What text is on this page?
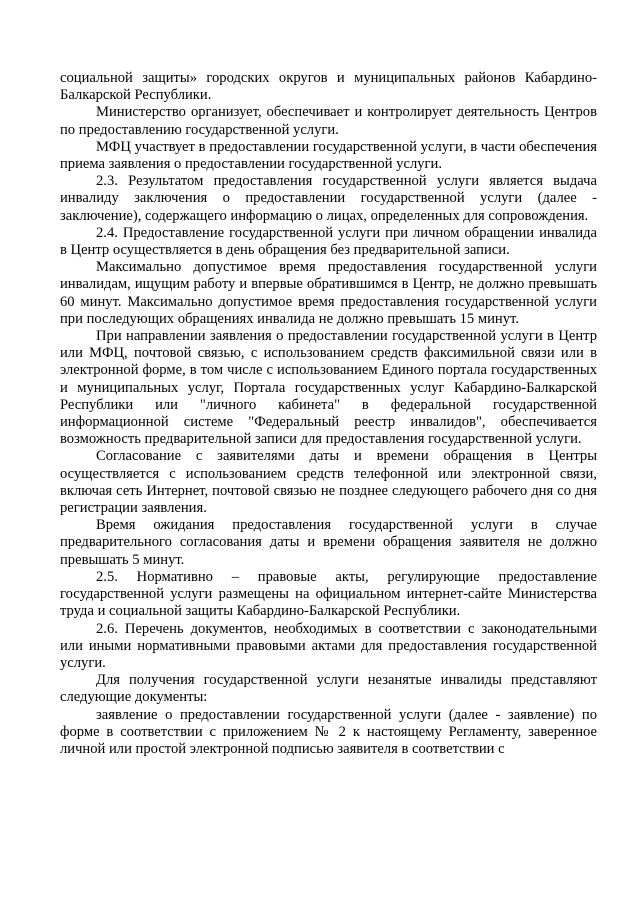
социальной защиты» городских округов и муниципальных районов Кабардино-Балкарской Республики.

Министерство организует, обеспечивает и контролирует деятельность Центров по предоставлению государственной услуги.

МФЦ участвует в предоставлении государственной услуги, в части обеспечения приема заявления о предоставлении государственной услуги.

2.3. Результатом предоставления государственной услуги является выдача инвалиду заключения о предоставлении государственной услуги (далее - заключение), содержащего информацию о лицах, определенных для сопровождения.

2.4. Предоставление государственной услуги при личном обращении инвалида в Центр осуществляется в день обращения без предварительной записи.

Максимально допустимое время предоставления государственной услуги инвалидам, ищущим работу и впервые обратившимся в Центр, не должно превышать 60 минут. Максимально допустимое время предоставления государственной услуги при последующих обращениях инвалида не должно превышать 15 минут.

При направлении заявления о предоставлении государственной услуги в Центр или МФЦ, почтовой связью, с использованием средств факсимильной связи или в электронной форме, в том числе с использованием Единого портала государственных и муниципальных услуг, Портала государственных услуг Кабардино-Балкарской Республики или "личного кабинета" в федеральной государственной информационной системе "Федеральный реестр инвалидов", обеспечивается возможность предварительной записи для предоставления государственной услуги.

Согласование с заявителями даты и времени обращения в Центры осуществляется с использованием средств телефонной или электронной связи, включая сеть Интернет, почтовой связью не позднее следующего рабочего дня со дня регистрации заявления.

Время ожидания предоставления государственной услуги в случае предварительного согласования даты и времени обращения заявителя не должно превышать 5 минут.

2.5. Нормативно – правовые акты, регулирующие предоставление государственной услуги размещены на официальном интернет-сайте Министерства труда и социальной защиты Кабардино-Балкарской Республики.

2.6. Перечень документов, необходимых в соответствии с законодательными или иными нормативными правовыми актами для предоставления государственной услуги.

Для получения государственной услуги незанятые инвалиды представляют следующие документы:

заявление о предоставлении государственной услуги (далее - заявление) по форме в соответствии с приложением № 2 к настоящему Регламенту, заверенное личной или простой электронной подписью заявителя в соответствии с
